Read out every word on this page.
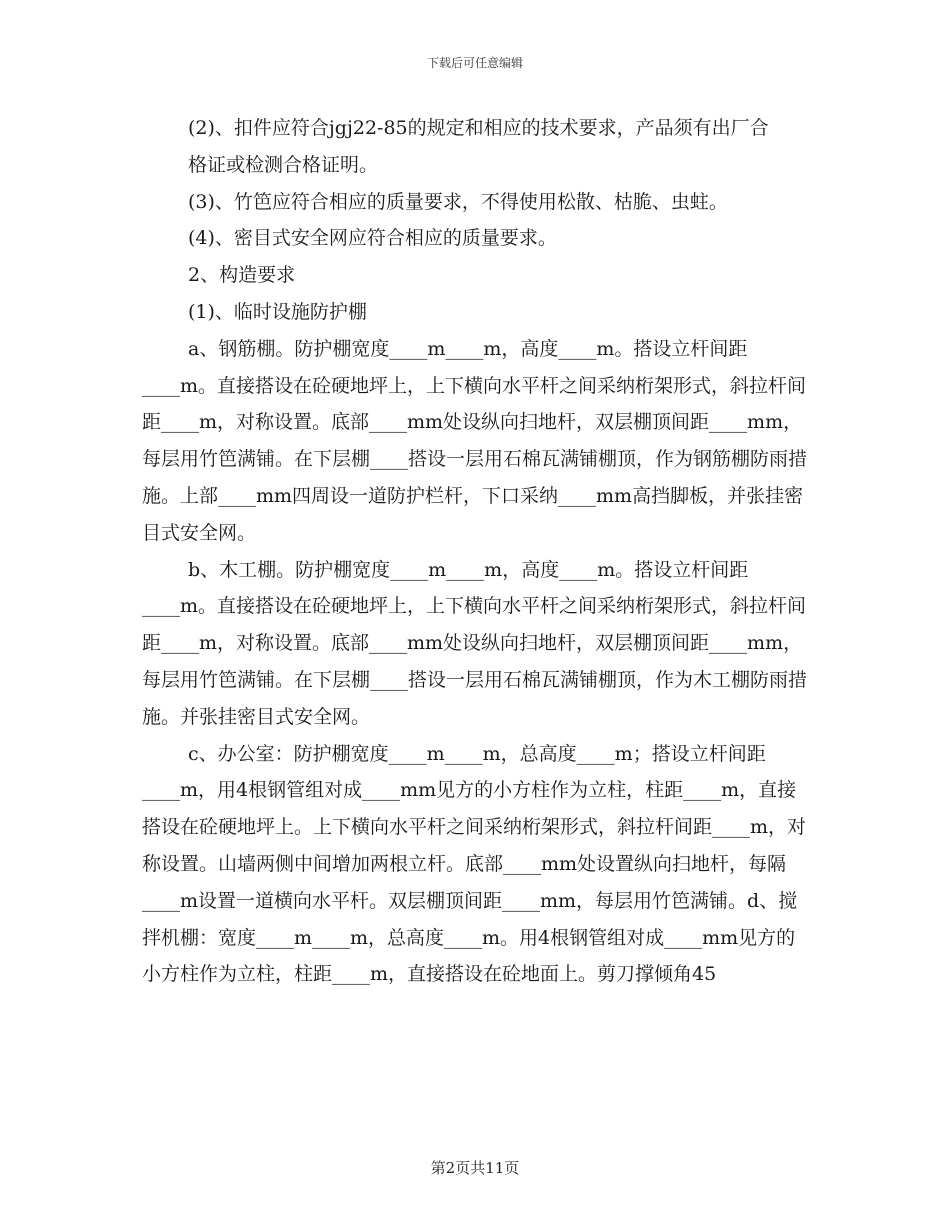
下载后可任意编辑

(2)、扣件应符合jgj22-85的规定和相应的技术要求，产品须有出厂合

格证或检测合格证明。

(3)、竹笆应符合相应的质量要求，不得使用松散、枯脆、虫蛀。

(4)、密目式安全网应符合相应的质量要求。

2、构造要求

(1)、临时设施防护棚

a、钢筋棚。防护棚宽度____m____m，高度____m。搭设立杆间距____m。直接搭设在砼硬地坪上，上下横向水平杆之间采纳桁架形式，斜拉杆间距____m，对称设置。底部____mm处设纵向扫地杆，双层棚顶间距____mm，每层用竹笆满铺。在下层棚____搭设一层用石棉瓦满铺棚顶，作为钢筋棚防雨措施。上部____mm四周设一道防护栏杆，下口采纳____mm高挡脚板，并张挂密目式安全网。

b、木工棚。防护棚宽度____m____m，高度____m。搭设立杆间距____m。直接搭设在砼硬地坪上，上下横向水平杆之间采纳桁架形式，斜拉杆间距____m，对称设置。底部____mm处设纵向扫地杆，双层棚顶间距____mm，每层用竹笆满铺。在下层棚____搭设一层用石棉瓦满铺棚顶，作为木工棚防雨措施。并张挂密目式安全网。

c、办公室：防护棚宽度____m____m，总高度____m；搭设立杆间距____m，用4根钢管组对成____mm见方的小方柱作为立柱，柱距____m，直接搭设在砼硬地坪上。上下横向水平杆之间采纳桁架形式，斜拉杆间距____m，对称设置。山墙两侧中间增加两根立杆。底部____mm处设置纵向扫地杆，每隔____m设置一道横向水平杆。双层棚顶间距____mm，每层用竹笆满铺。d、搅拌机棚：宽度____m____m，总高度____m。用4根钢管组对成____mm见方的小方柱作为立柱，柱距____m，直接搭设在砼地面上。剪刀撑倾角45

第2页共11页
